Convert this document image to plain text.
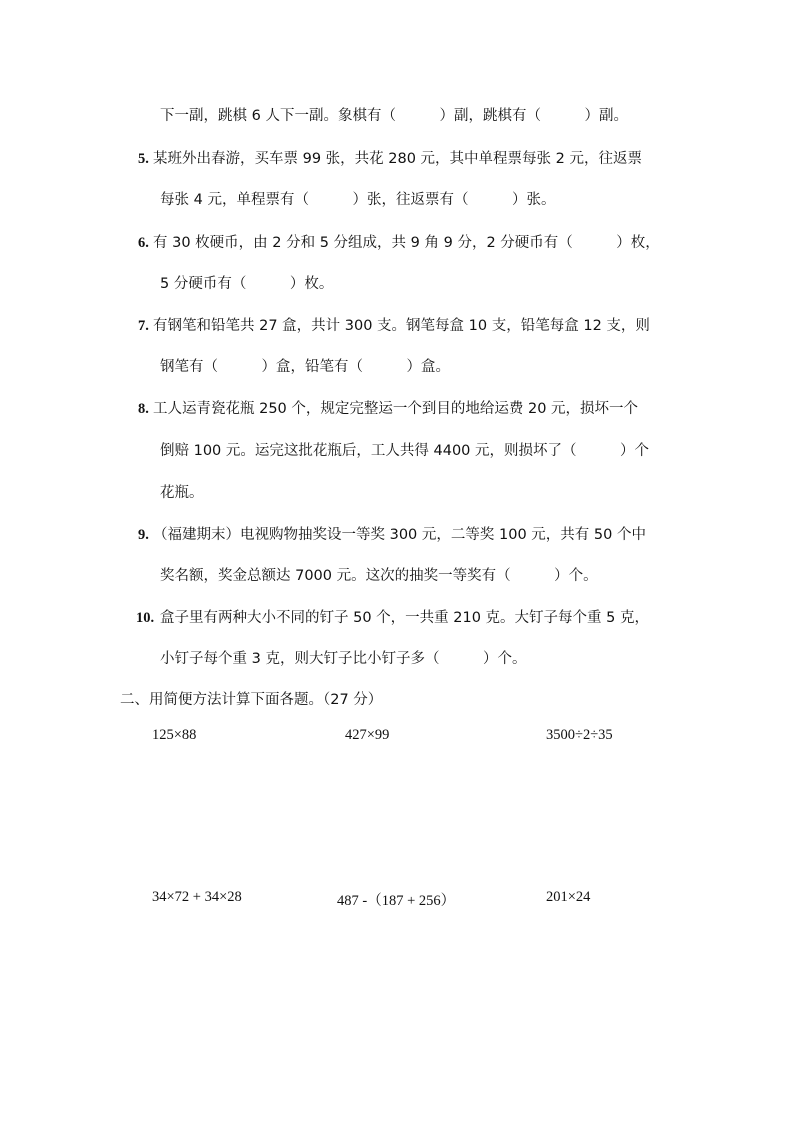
下一副，跳棋 6 人下一副。象棋有（　　　）副，跳棋有（　　　）副。
5. 某班外出春游，买车票 99 张，共花 280 元，其中单程票每张 2 元，往返票
每张 4 元，单程票有（　　　）张，往返票有（　　　）张。
6. 有 30 枚硬币，由 2 分和 5 分组成，共 9 角 9 分，2 分硬币有（　　　）枚，
5 分硬币有（　　　）枚。
7. 有钢笔和铅笔共 27 盒，共计 300 支。钢笔每盒 10 支，铅笔每盒 12 支，则
钢笔有（　　　）盒，铅笔有（　　　）盒。
8. 工人运青瓷花瓶 250 个，规定完整运一个到目的地给运费 20 元，损坏一个
倒赔 100 元。运完这批花瓶后，工人共得 4400 元，则损坏了（　　　）个
花瓶。
9. （福建期末）电视购物抽奖设一等奖 300 元，二等奖 100 元，共有 50 个中
奖名额，奖金总额达 7000 元。这次的抽奖一等奖有（　　　）个。
10. 盒子里有两种大小不同的钉子 50 个，一共重 210 克。大钉子每个重 5 克，
小钉子每个重 3 克，则大钉子比小钉子多（　　　）个。
二、用简便方法计算下面各题。（27 分）
125×88	427×99	3500÷2÷35
34×72 + 34×28	487 -（187 + 256）	201×24
